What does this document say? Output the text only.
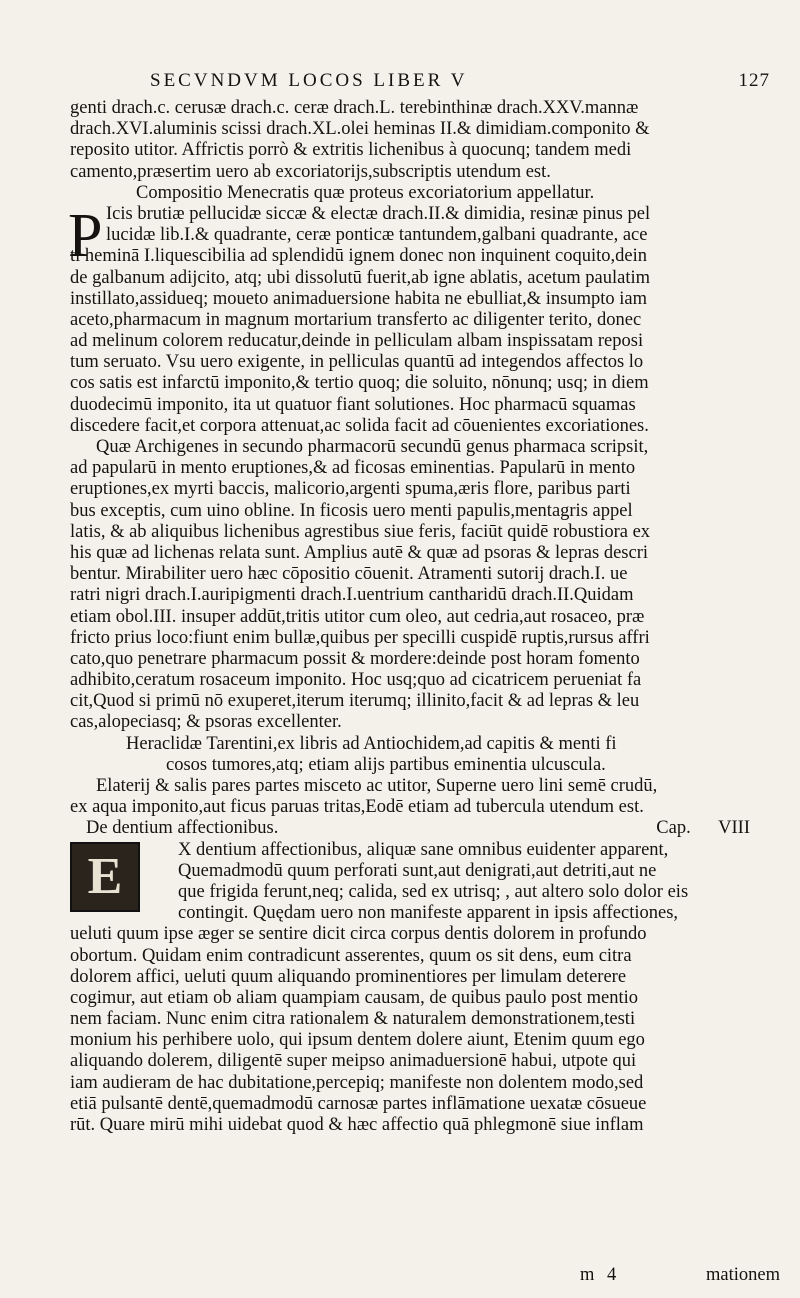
SECVNDVM LOCOS LIBER V	127
genti drach.c. cerusæ drach.c. ceræ drach.L. terebinthinæ drach.XXV.mannæ
drach.XVI.aluminis scissi drach.XL.olei heminas II.& dimidiam.componito &
reposito utitor. Affrictis porrò & extritis lichenibus à quocunq; tandem medi
camento,præsertim uero ab excoriatorijs,subscriptis utendum est.
Compositio Menecratis quæ proteus excoriatorium appellatur.
P Icis brutiæ pellucidæ siccæ & electæ drach.II.& dimidia, resinæ pinus pel
lucidæ lib.I.& quadrante, ceræ ponticæ tantundem,galbani quadrante, ace
ti heminā I.liquescibilia ad splendidū ignem donec non inquinent coquito,dein
de galbanum adijcito, atq; ubi dissolutū fuerit,ab igne ablatis, acetum paulatim
instillato,assidueq; moueto animaduersione habita ne ebulliat,& insumpto iam
aceto,pharmacum in magnum mortarium transferto ac diligenter terito, donec
ad melinum colorem reducatur,deinde in pelliculam albam inspissatam reposi
tum seruato. Vsu uero exigente, in pelliculas quantū ad integendos affectos lo
cos satis est infarctū imponito,& tertio quoq; die soluito, nōnunq; usq; in diem
duodecimū imponito, ita ut quatuor fiant solutiones. Hoc pharmacū squamas
discedere facit,et corpora attenuat,ac solida facit ad cōuenientes excoriationes.
Quæ Archigenes in secundo pharmacorū secundū genus pharmaca scripsit,
ad papularū in mento eruptiones,& ad ficosas eminentias. Papularū in mento
eruptiones,ex myrti baccis, malicorio,argenti spuma,æris flore, paribus parti
bus exceptis, cum uino obline. In ficosis uero menti papulis,mentagris appel
latis, & ab aliquibus lichenibus agrestibus siue feris, faciūt quidē robustiora ex
his quæ ad lichenas relata sunt. Amplius autē & quæ ad psoras & lepras descri
bentur. Mirabiliter uero hæc cōpositio cōuenit. Atramenti sutorij drach.I. ue
ratri nigri drach.I.auripigmenti drach.I.uentrium cantharidū drach.II.Quidam
etiam obol.III. insuper addūt,tritis utitor cum oleo, aut cedria,aut rosaceo, præ
fricto prius loco:fiunt enim bullæ,quibus per specilli cuspidē ruptis,rursus affri
cato,quo penetrare pharmacum possit & mordere:deinde post horam fomento
adhibito,ceratum rosaceum imponito. Hoc usq;quo ad cicatricem perueniat fa
cit,Quod si primū nō exuperet,iterum iterumq; illinito,facit & ad lepras & leu
cas,alopeciasq; & psoras excellenter.
Heraclidæ Tarentini,ex libris ad Antiochidem,ad capitis & menti fi
cosos tumores,atq; etiam alijs partibus eminentia ulcuscula.
Elaterij & salis pares partes misceto ac utitor, Superne uero lini semē crudū,
ex aqua imponito,aut ficus paruas tritas,Eodē etiam ad tubercula utendum est.
De dentium affectionibus.	Cap. VIII
E	X dentium affectionibus, aliquæ sane omnibus euidenter apparent,
Quemadmodū quum perforati sunt,aut denigrati,aut detriti,aut ne
que frigida ferunt,neq; calida, sed ex utrisq; , aut altero solo dolor eis
contingit. Quędam uero non manifeste apparent in ipsis affectiones,
ueluti quum ipse æger se sentire dicit circa corpus dentis dolorem in profundo
obortum. Quidam enim contradicunt asserentes, quum os sit dens, eum citra
dolorem affici, ueluti quum aliquando prominentiores per limulam deterere
cogimur, aut etiam ob aliam quampiam causam, de quibus paulo post mentio
nem faciam. Nunc enim citra rationalem & naturalem demonstrationem,testi
monium his perhibere uolo, qui ipsum dentem dolere aiunt, Etenim quum ego
aliquando dolerem, diligentē super meipso animaduersionē habui, utpote qui
iam audieram de hac dubitatione,percepiq; manifeste non dolentem modo,sed
etiā pulsantē dentē,quemadmodū carnosæ partes inflāmatione uexatæ cōsueue
rūt. Quare mirū mihi uidebat quod & hæc affectio quā phlegmonē siue inflam
m 4	mationem
